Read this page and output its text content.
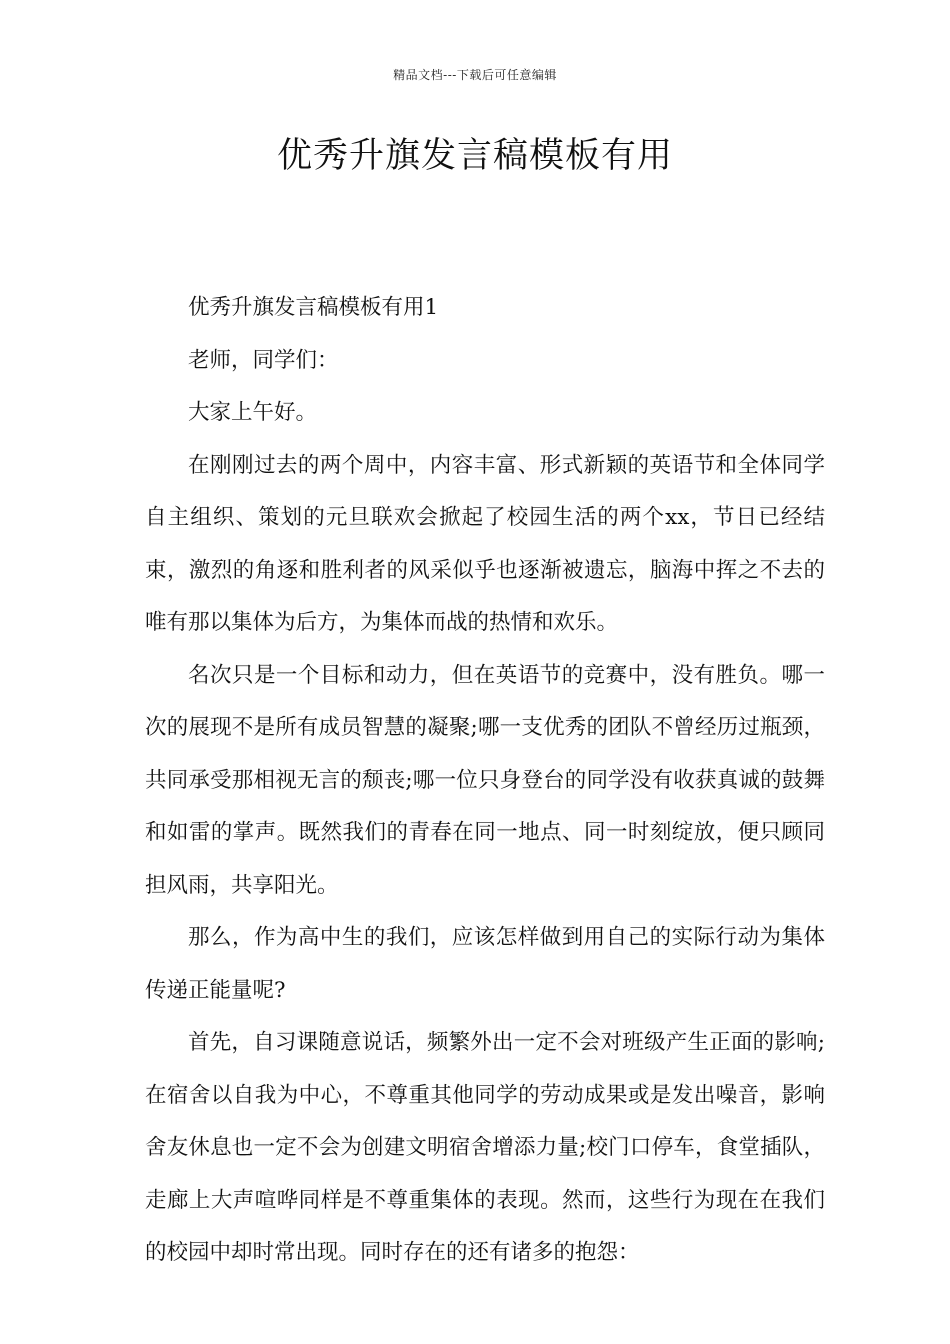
精品文档---下载后可任意编辑
优秀升旗发言稿模板有用

优秀升旗发言稿模板有用1

老师，同学们：

大家上午好。

在刚刚过去的两个周中，内容丰富、形式新颖的英语节和全体同学自主组织、策划的元旦联欢会掀起了校园生活的两个xx，节日已经结束，激烈的角逐和胜利者的风采似乎也逐渐被遗忘，脑海中挥之不去的唯有那以集体为后方，为集体而战的热情和欢乐。

名次只是一个目标和动力，但在英语节的竞赛中，没有胜负。哪一次的展现不是所有成员智慧的凝聚;哪一支优秀的团队不曾经历过瓶颈，共同承受那相视无言的颓丧;哪一位只身登台的同学没有收获真诚的鼓舞和如雷的掌声。既然我们的青春在同一地点、同一时刻绽放，便只顾同担风雨，共享阳光。

那么，作为高中生的我们，应该怎样做到用自己的实际行动为集体传递正能量呢?

首先，自习课随意说话，频繁外出一定不会对班级产生正面的影响;在宿舍以自我为中心，不尊重其他同学的劳动成果或是发出噪音，影响舍友休息也一定不会为创建文明宿舍增添力量;校门口停车，食堂插队，走廊上大声喧哗同样是不尊重集体的表现。然而，这些行为现在在我们的校园中却时常出现。同时存在的还有诸多的抱怨：
